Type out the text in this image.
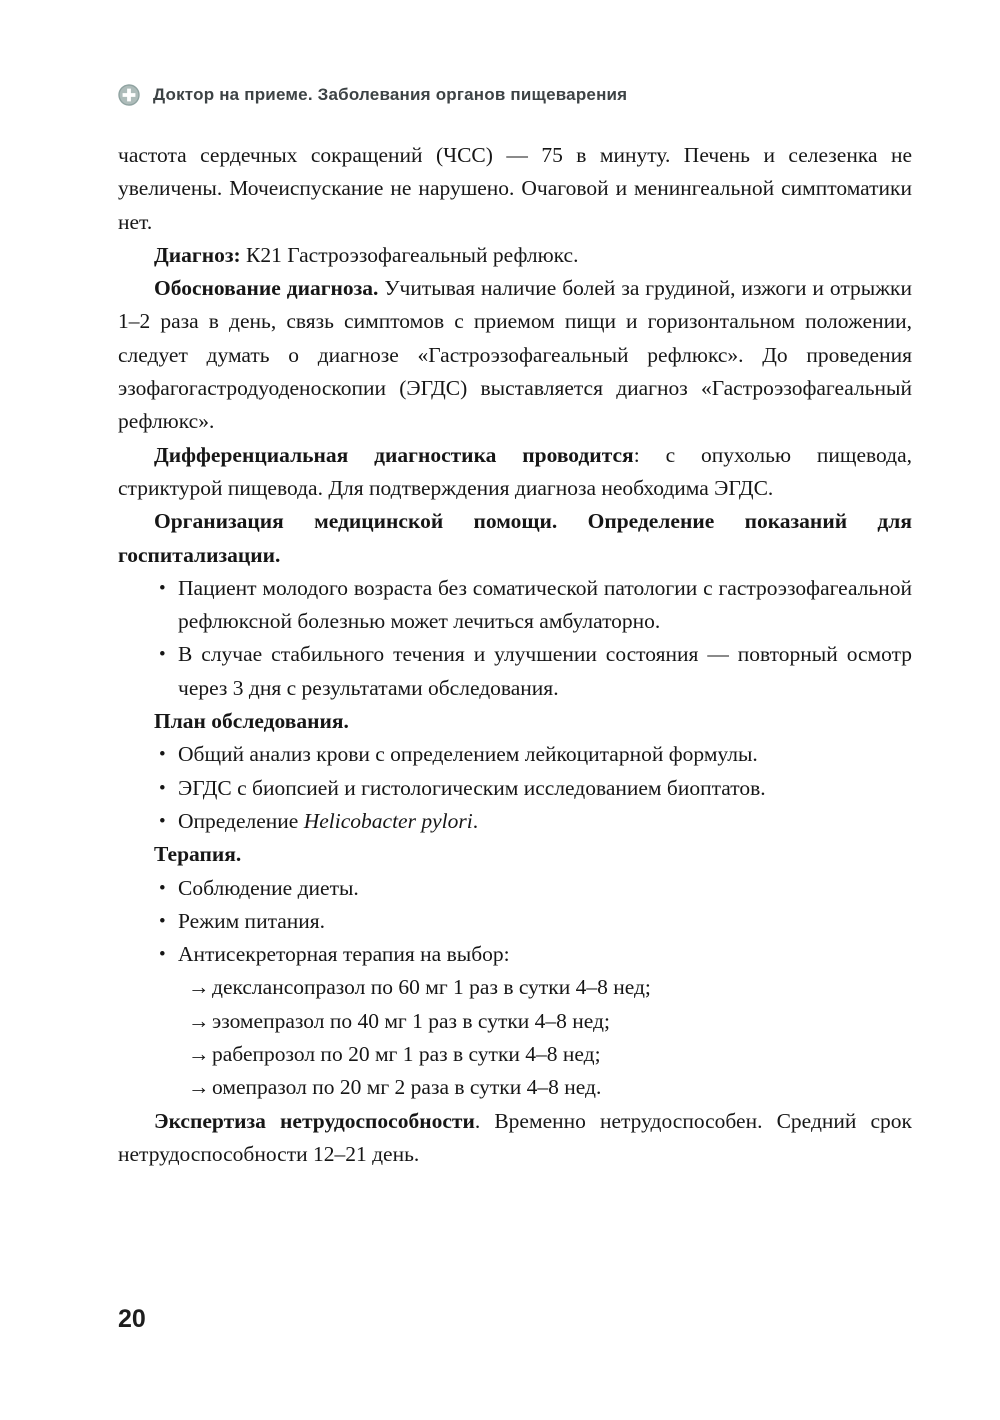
Доктор на приеме. Заболевания органов пищеварения

частота сердечных сокращений (ЧСС) — 75 в минуту. Печень и селезенка не увеличены. Мочеиспускание не нарушено. Очаговой и менингеальной симптоматики нет.

Диагноз: К21 Гастроэзофагеальный рефлюкс.

Обоснование диагноза. Учитывая наличие болей за грудиной, изжоги и отрыжки 1–2 раза в день, связь симптомов с приемом пищи и горизонтальном положении, следует думать о диагнозе «Гастроэзофагеальный рефлюкс». До проведения эзофагогастродуоденоскопии (ЭГДС) выставляется диагноз «Гастроэзофагеальный рефлюкс».

Дифференциальная диагностика проводится: с опухолью пищевода, стриктурой пищевода. Для подтверждения диагноза необходима ЭГДС.

Организация медицинской помощи. Определение показаний для госпитализации.

• Пациент молодого возраста без соматической патологии с гастроэзофагеальной рефлюксной болезнью может лечиться амбулаторно.
• В случае стабильного течения и улучшении состояния — повторный осмотр через 3 дня с результатами обследования.

План обследования.

• Общий анализ крови с определением лейкоцитарной формулы.
• ЭГДС с биопсией и гистологическим исследованием биоптатов.
• Определение Helicobacter pylori.

Терапия.

• Соблюдение диеты.
• Режим питания.
• Антисекреторная терапия на выбор:
→ декслансопразол по 60 мг 1 раз в сутки 4–8 нед;
→ эзомепразол по 40 мг 1 раз в сутки 4–8 нед;
→ рабепрозол по 20 мг 1 раз в сутки 4–8 нед;
→ омепразол по 20 мг 2 раза в сутки 4–8 нед.

Экспертиза нетрудоспособности. Временно нетрудоспособен. Средний срок нетрудоспособности 12–21 день.

20
